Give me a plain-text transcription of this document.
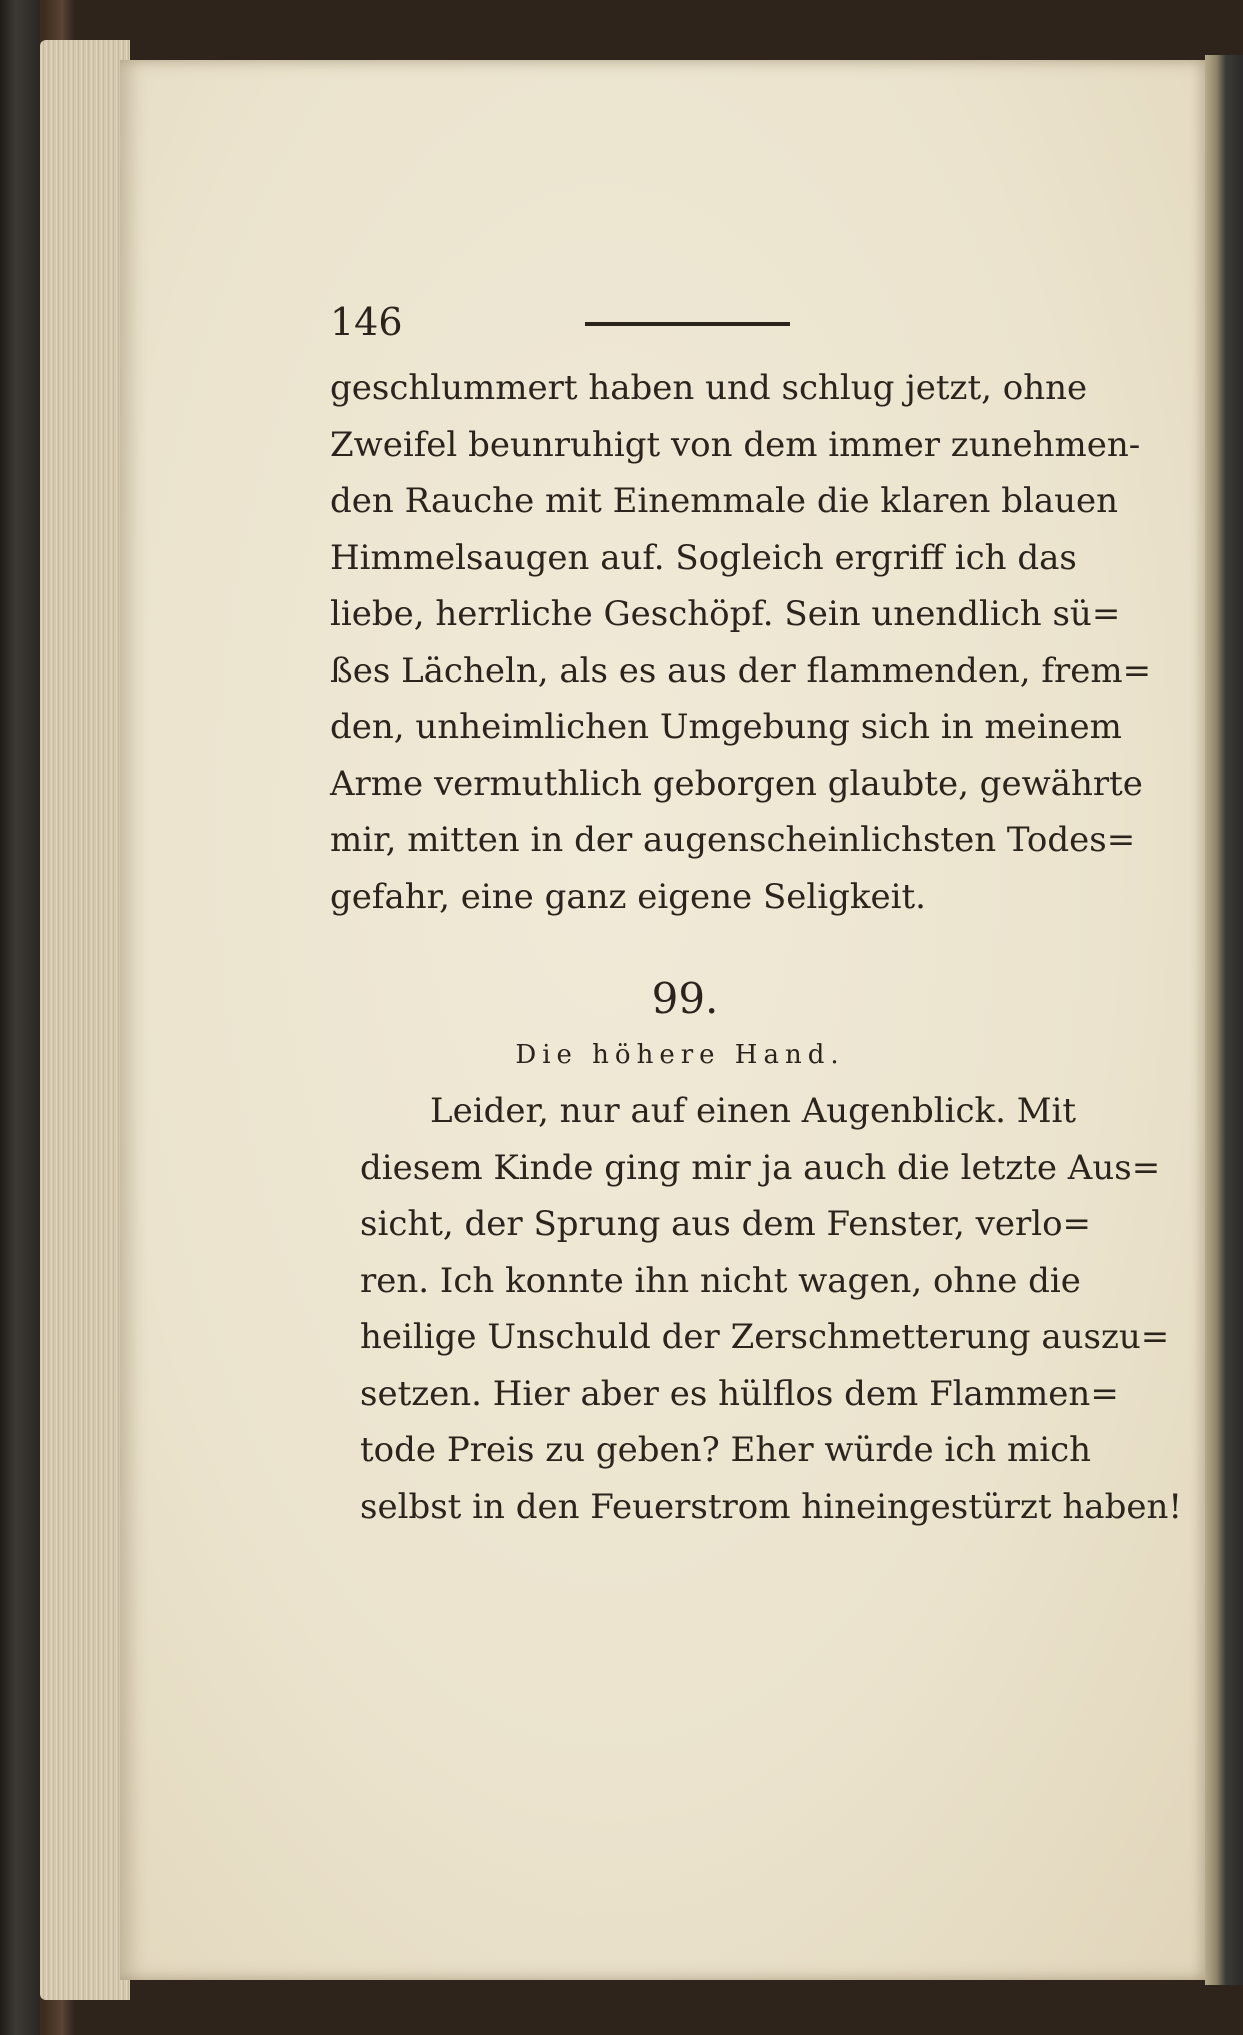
146

geschlummert haben und schlug jetzt, ohne
Zweifel beunruhigt von dem immer zunehmen-
den Rauche mit Einemmale die klaren blauen
Himmelsaugen auf. Sogleich ergriff ich das
liebe, herrliche Geschöpf. Sein unendlich sü=
ßes Lächeln, als es aus der flammenden, frem=
den, unheimlichen Umgebung sich in meinem
Arme vermuthlich geborgen glaubte, gewährte
mir, mitten in der augenscheinlichsten Todes=
gefahr, eine ganz eigene Seligkeit.

99.
Die höhere Hand.

Leider, nur auf einen Augenblick. Mit
diesem Kinde ging mir ja auch die letzte Aus=
sicht, der Sprung aus dem Fenster, verlo=
ren. Ich konnte ihn nicht wagen, ohne die
heilige Unschuld der Zerschmetterung auszu=
setzen. Hier aber es hülflos dem Flammen=
tode Preis zu geben? Eher würde ich mich
selbst in den Feuerstrom hineingestürzt haben!
